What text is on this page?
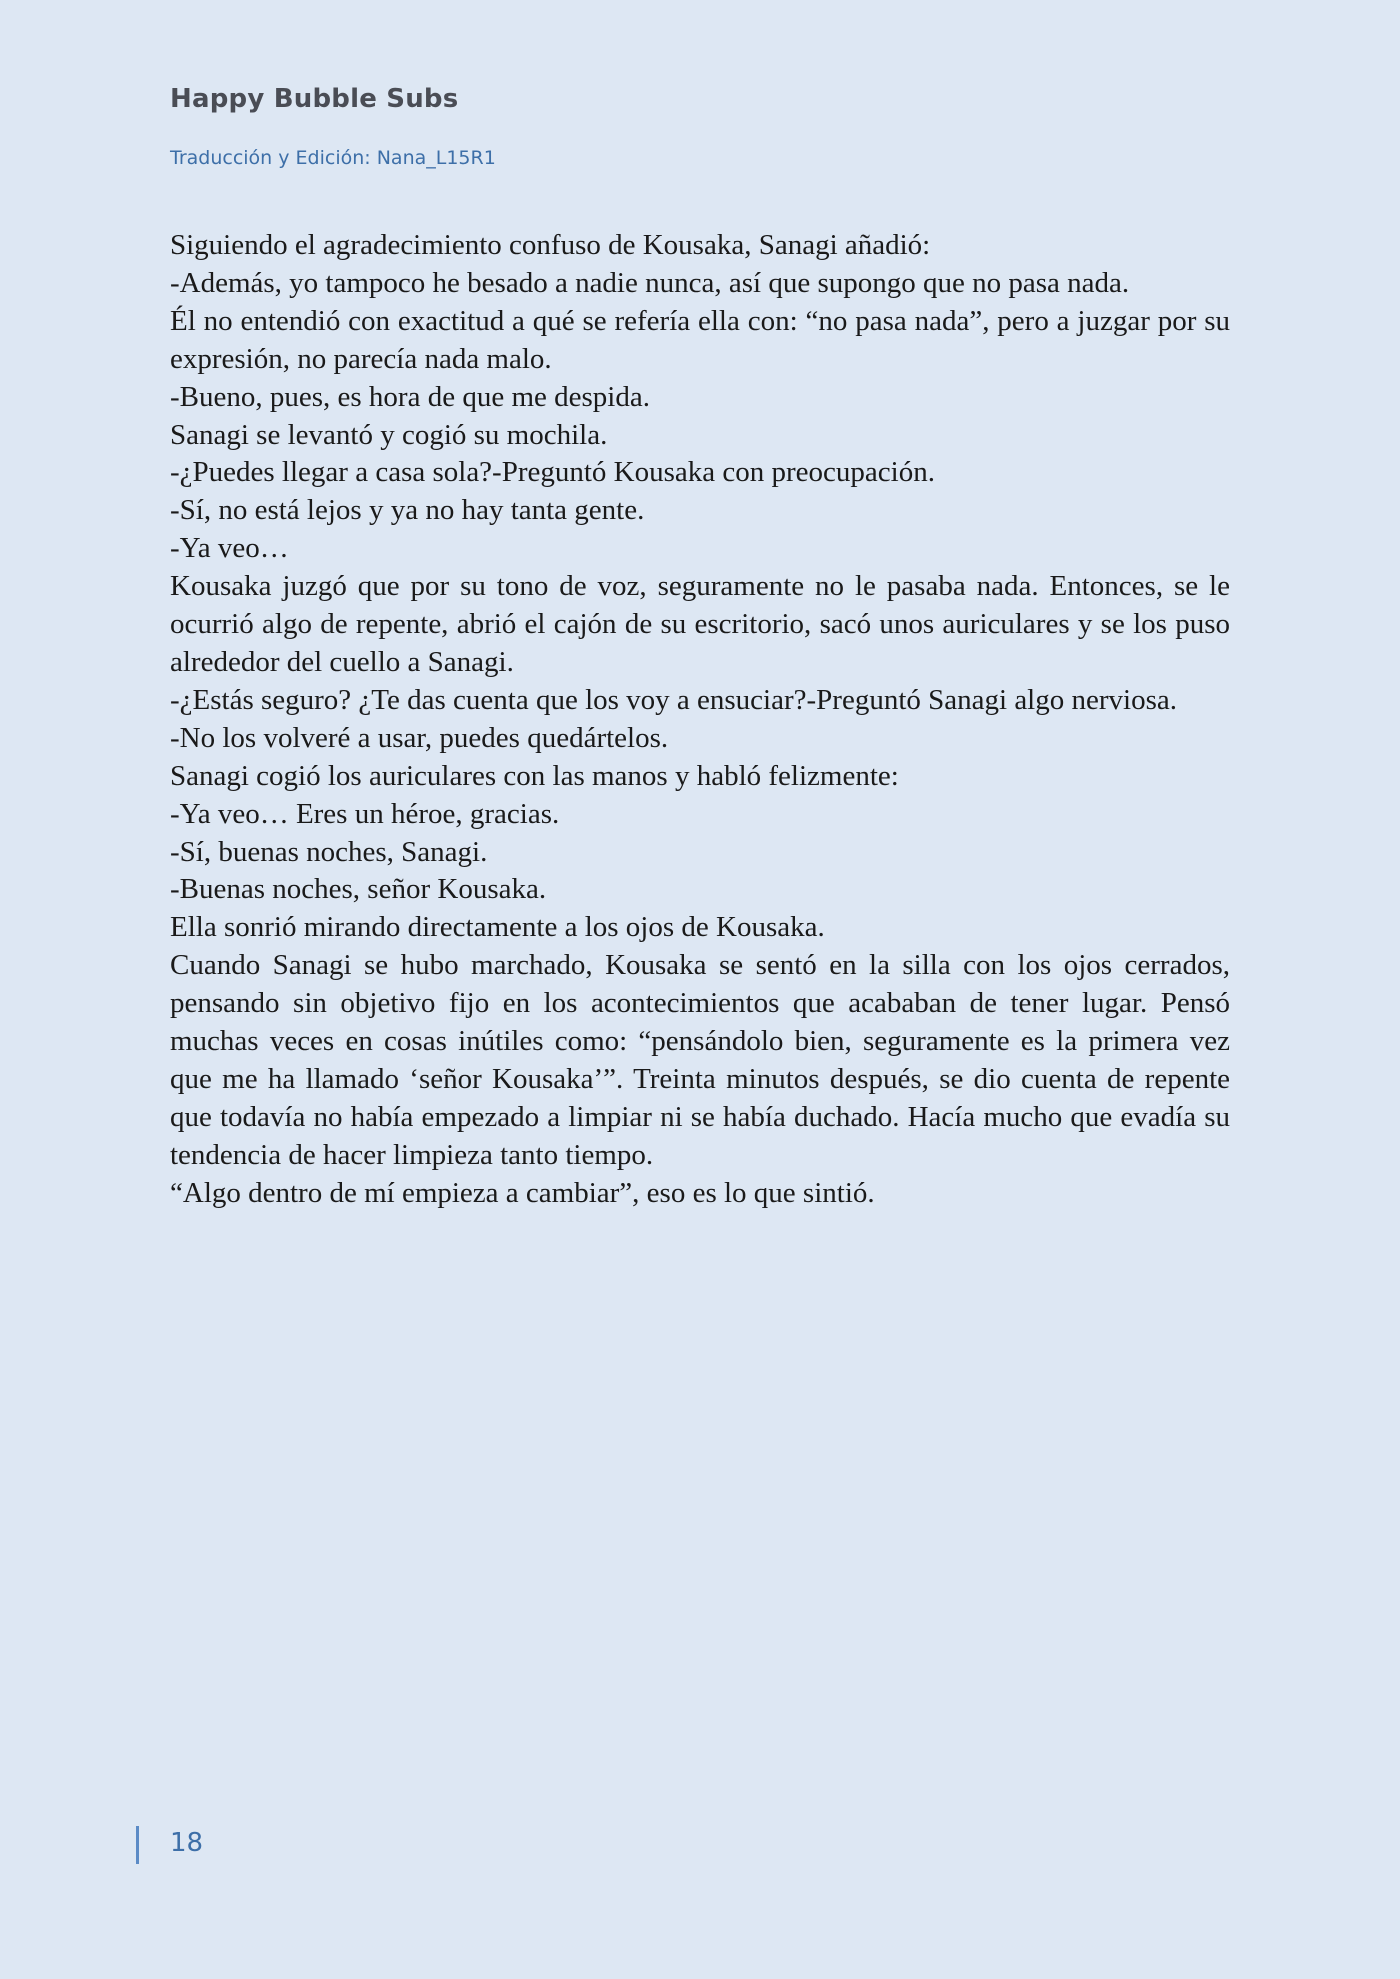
Happy Bubble Subs
Traducción y Edición: Nana_L15R1

Siguiendo el agradecimiento confuso de Kousaka, Sanagi añadió:

-Además, yo tampoco he besado a nadie nunca, así que supongo que no pasa nada.

Él no entendió con exactitud a qué se refería ella con: “no pasa nada”, pero a juzgar por su expresión, no parecía nada malo.

-Bueno, pues, es hora de que me despida.

Sanagi se levantó y cogió su mochila.

-¿Puedes llegar a casa sola?-Preguntó Kousaka con preocupación.

-Sí, no está lejos y ya no hay tanta gente.

-Ya veo…

Kousaka juzgó que por su tono de voz, seguramente no le pasaba nada. Entonces, se le ocurrió algo de repente, abrió el cajón de su escritorio, sacó unos auriculares y se los puso alrededor del cuello a Sanagi.

-¿Estás seguro? ¿Te das cuenta que los voy a ensuciar?-Preguntó Sanagi algo nerviosa.

-No los volveré a usar, puedes quedártelos.

Sanagi cogió los auriculares con las manos y habló felizmente:

-Ya veo… Eres un héroe, gracias.

-Sí, buenas noches, Sanagi.

-Buenas noches, señor Kousaka.

Ella sonrió mirando directamente a los ojos de Kousaka.

Cuando Sanagi se hubo marchado, Kousaka se sentó en la silla con los ojos cerrados, pensando sin objetivo fijo en los acontecimientos que acababan de tener lugar. Pensó muchas veces en cosas inútiles como: “pensándolo bien, seguramente es la primera vez que me ha llamado ‘señor Kousaka’”. Treinta minutos después, se dio cuenta de repente que todavía no había empezado a limpiar ni se había duchado. Hacía mucho que evadía su tendencia de hacer limpieza tanto tiempo.

“Algo dentro de mí empieza a cambiar”, eso es lo que sintió.

18
